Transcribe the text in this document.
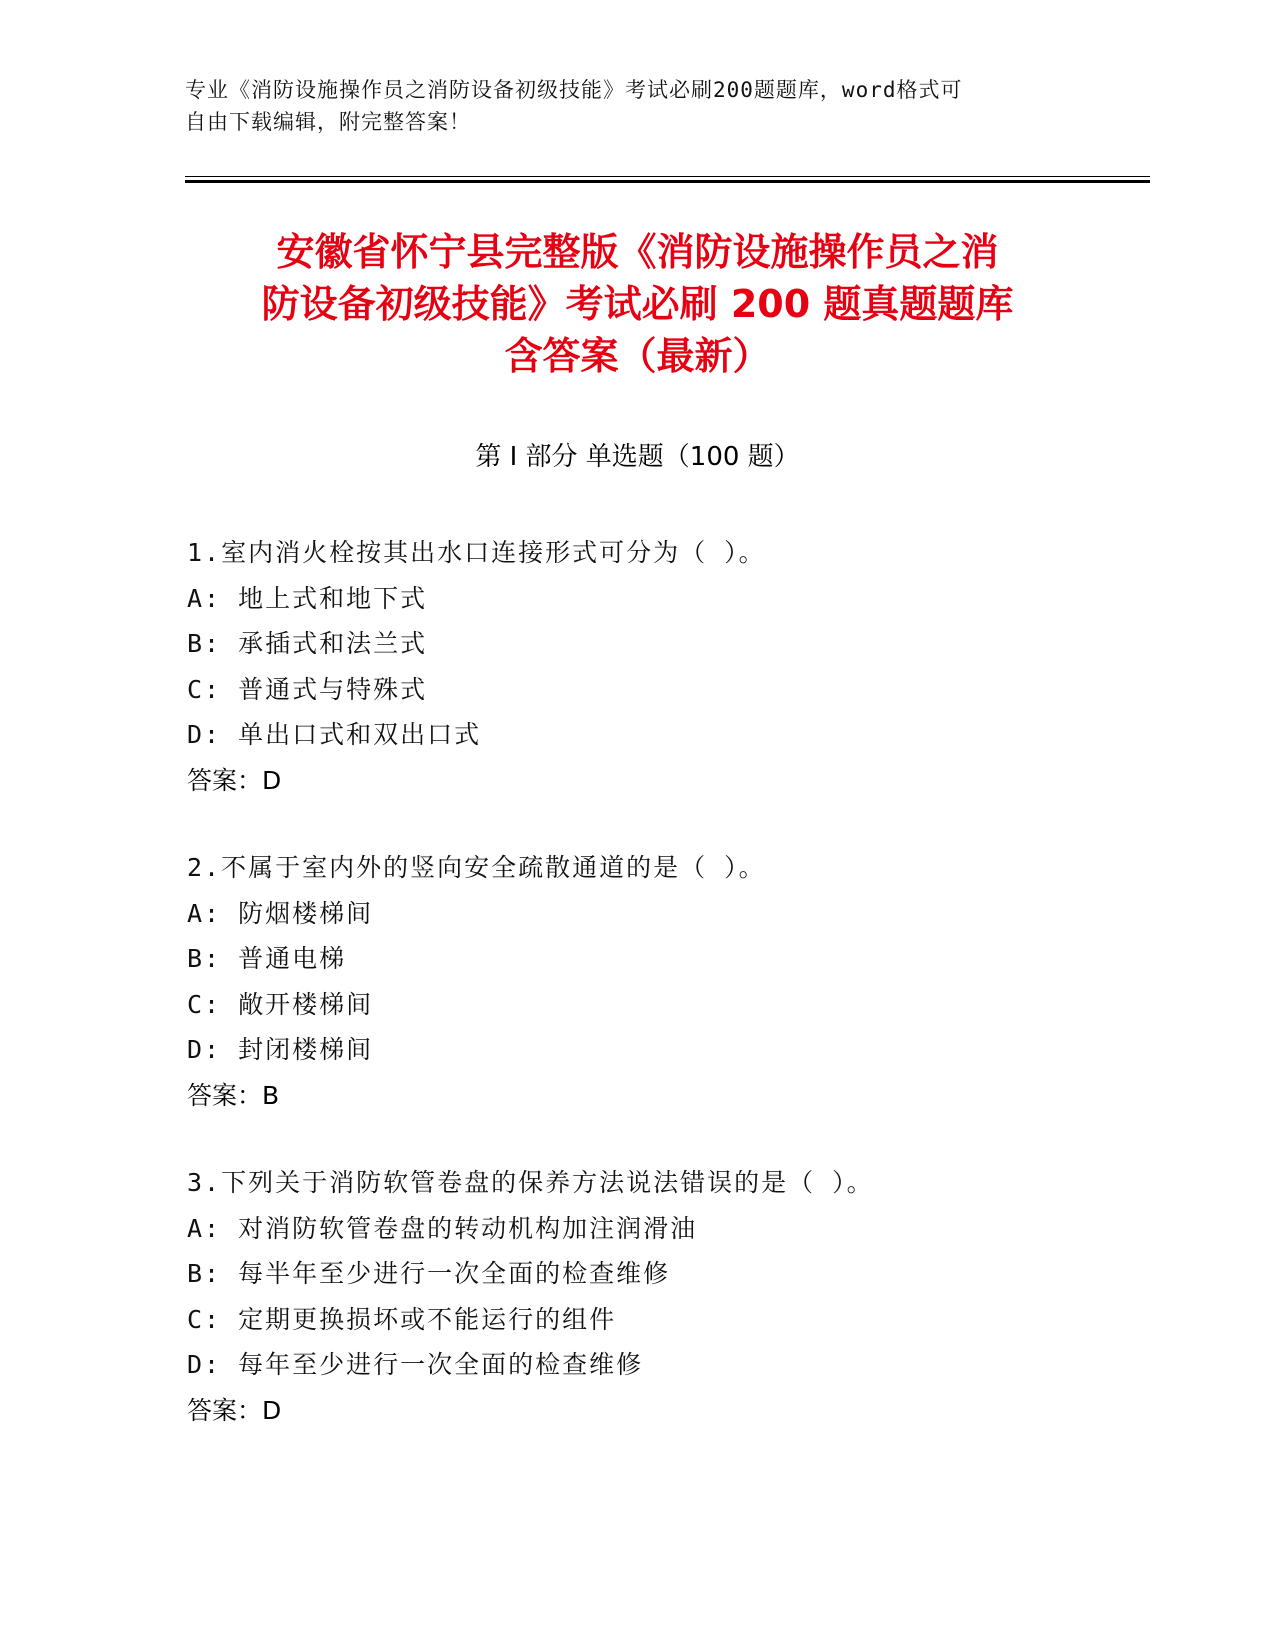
专业《消防设施操作员之消防设备初级技能》考试必刷200题题库，word格式可
自由下载编辑，附完整答案！
安徽省怀宁县完整版《消防设施操作员之消
防设备初级技能》考试必刷 200 题真题题库
含答案（最新）
第 I 部分 单选题（100 题）
1.室内消火栓按其出水口连接形式可分为（ ）。
A: 地上式和地下式
B: 承插式和法兰式
C: 普通式与特殊式
D: 单出口式和双出口式
答案：D
2.不属于室内外的竖向安全疏散通道的是（ ）。
A: 防烟楼梯间
B: 普通电梯
C: 敞开楼梯间
D: 封闭楼梯间
答案：B
3.下列关于消防软管卷盘的保养方法说法错误的是（ ）。
A: 对消防软管卷盘的转动机构加注润滑油
B: 每半年至少进行一次全面的检查维修
C: 定期更换损坏或不能运行的组件
D: 每年至少进行一次全面的检查维修
答案：D
